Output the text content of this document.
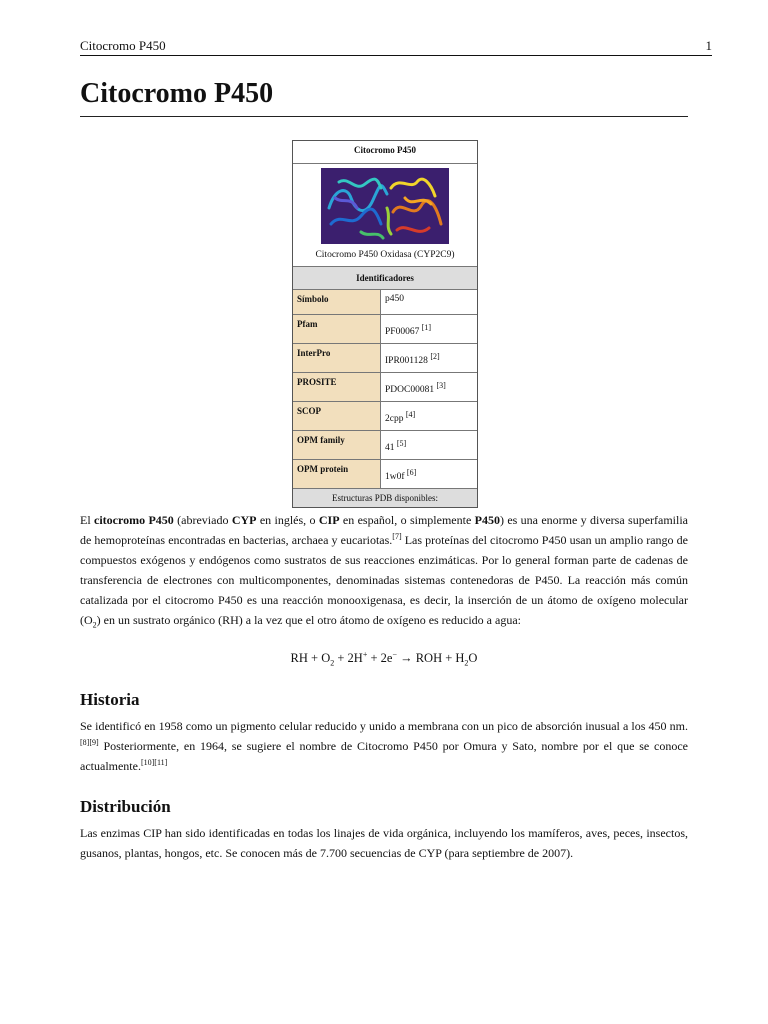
Citocromo P450	1
Citocromo P450
Citocromo P450
Citocromo P450 Oxidasa (CYP2C9)
Identificadores
Símbolo	p450
Pfam
PF00067 [1]
InterPro
IPR001128 [2]
PROSITE
PDOC00081 [3]
SCOP
2cpp [4]
OPM family
41 [5]
OPM protein
1w0f [6]
Estructuras PDB disponibles:

El citocromo P450 (abreviado CYP en inglés, o CIP en español, o simplemente P450) es una enorme y diversa superfamilia de hemoproteínas encontradas en bacterias, archaea y eucariotas.[7] Las proteínas del citocromo P450 usan un amplio rango de compuestos exógenos y endógenos como sustratos de sus reacciones enzimáticas. Por lo general forman parte de cadenas de transferencia de electrones con multicomponentes, denominadas sistemas contenedoras de P450. La reacción más común catalizada por el citocromo P450 es una reacción monooxigenasa, es decir, la inserción de un átomo de oxígeno molecular $(O_2)$ en un sustrato orgánico (RH) a la vez que el otro átomo de oxígeno es reducido a agua:

RH + $O_2 + 2H^+ + 2e^-$ → ROH + $H_2O$
Historia

Se identificó en 1958 como un pigmento celular reducido y unido a membrana con un pico de absorción inusual a los 450 nm.[8][9] Posteriormente, en 1964, se sugiere el nombre de Citocromo P450 por Omura y Sato, nombre por el que se conoce actualmente.[10][11]

Distribución

Las enzimas CIP han sido identificadas en todas los linajes de vida orgánica, incluyendo los mamíferos, aves, peces, insectos, gusanos, plantas, hongos, etc. Se conocen más de 7.700 secuencias de CYP (para septiembre de 2007).
